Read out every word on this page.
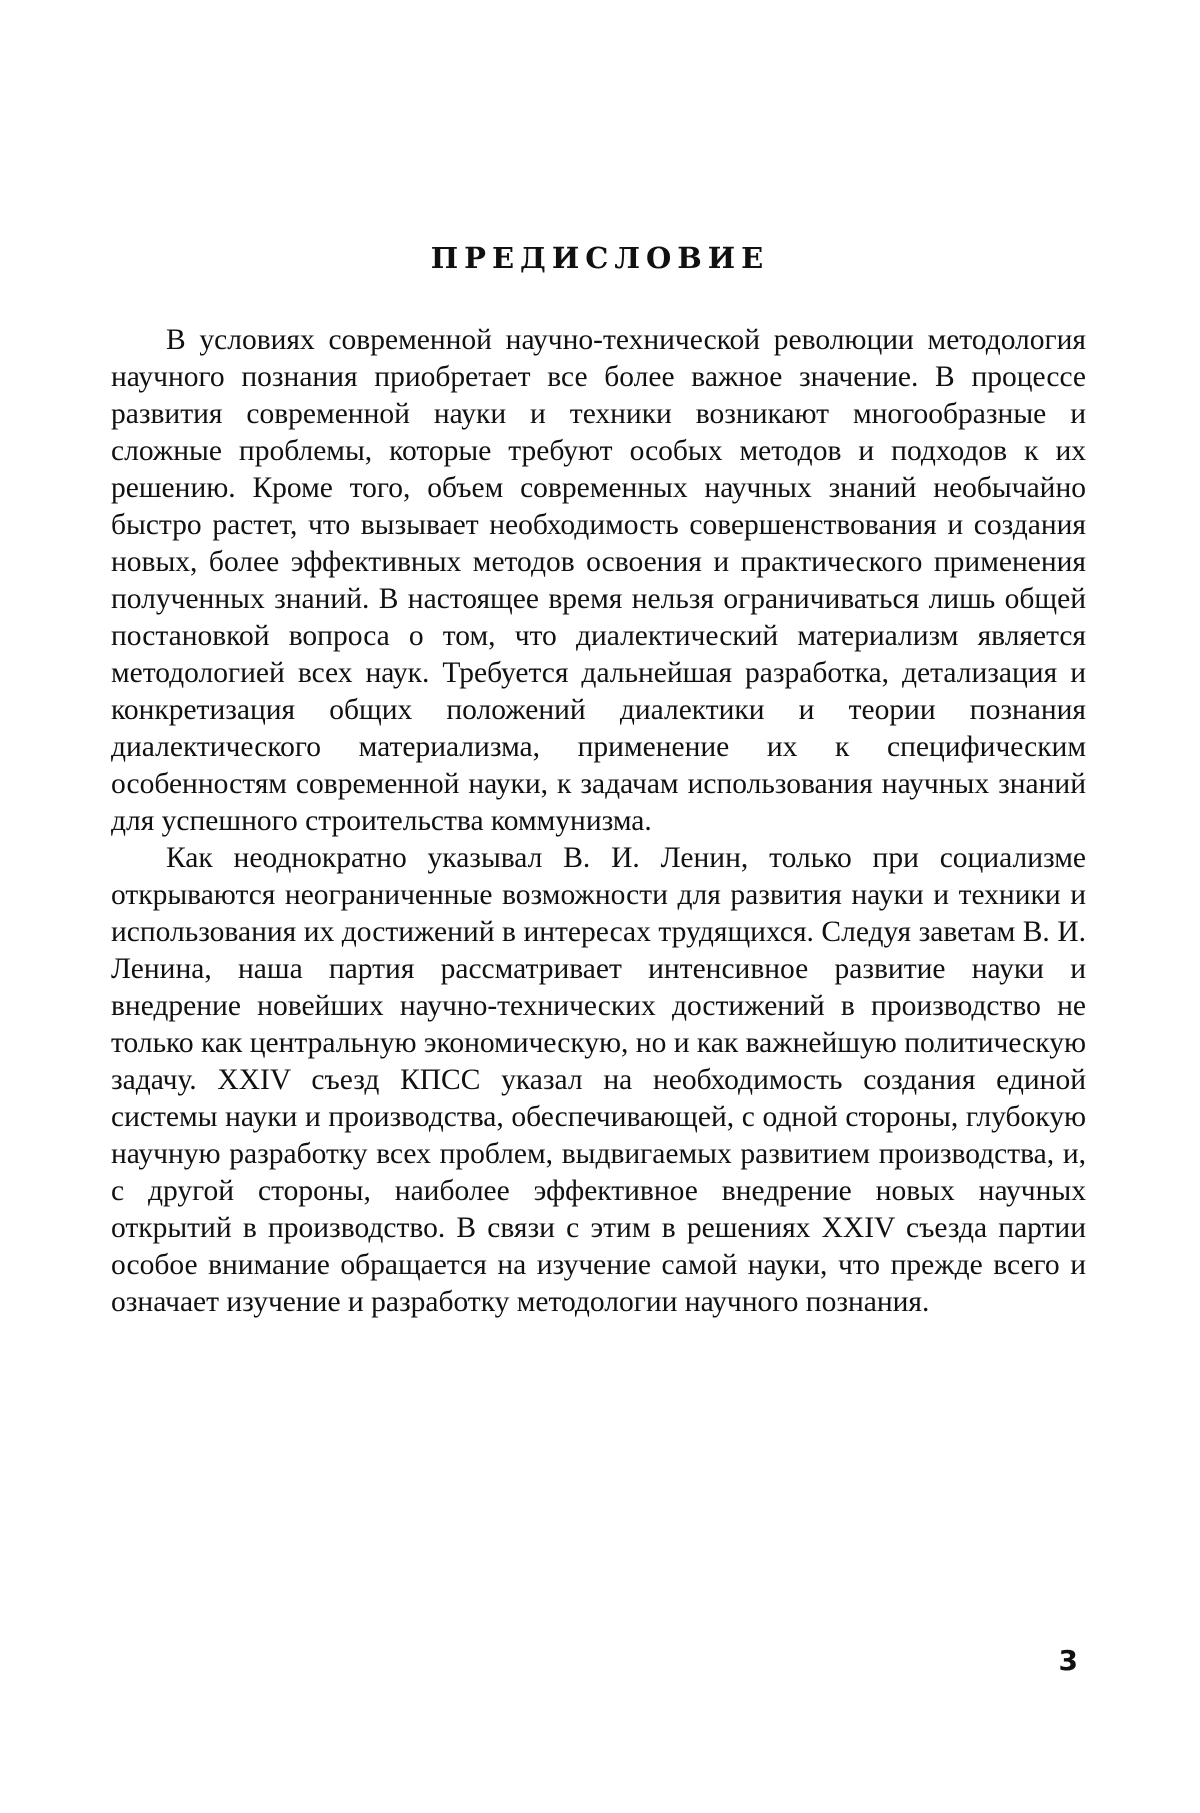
ПРЕДИСЛОВИЕ

В условиях современной научно-технической революции методология научного познания приобретает все более важное значение. В процессе развития современной науки и техники возникают многообразные и сложные проблемы, которые требуют особых методов и подходов к их решению. Кроме того, объем современных научных знаний необычайно быстро растет, что вызывает необходимость совершенствования и создания новых, более эффективных методов освоения и практического применения полученных знаний. В настоящее время нельзя ограничиваться лишь общей постановкой вопроса о том, что диалектический материализм является методологией всех наук. Требуется дальнейшая разработка, детализация и конкретизация общих положений диалектики и теории познания диалектического материализма, применение их к специфическим особенностям современной науки, к задачам использования научных знаний для успешного строительства коммунизма.

Как неоднократно указывал В. И. Ленин, только при социализме открываются неограниченные возможности для развития науки и техники и использования их достижений в интересах трудящихся. Следуя заветам В. И. Ленина, наша партия рассматривает интенсивное развитие науки и внедрение новейших научно-технических достижений в производство не только как центральную экономическую, но и как важнейшую политическую задачу. XXIV съезд КПСС указал на необходимость создания единой системы науки и производства, обеспечивающей, с одной стороны, глубокую научную разработку всех проблем, выдвигаемых развитием производства, и, с другой стороны, наиболее эффективное внедрение новых научных открытий в производство. В связи с этим в решениях XXIV съезда партии особое внимание обращается на изучение самой науки, что прежде всего и означает изучение и разработку методологии научного познания.

3
